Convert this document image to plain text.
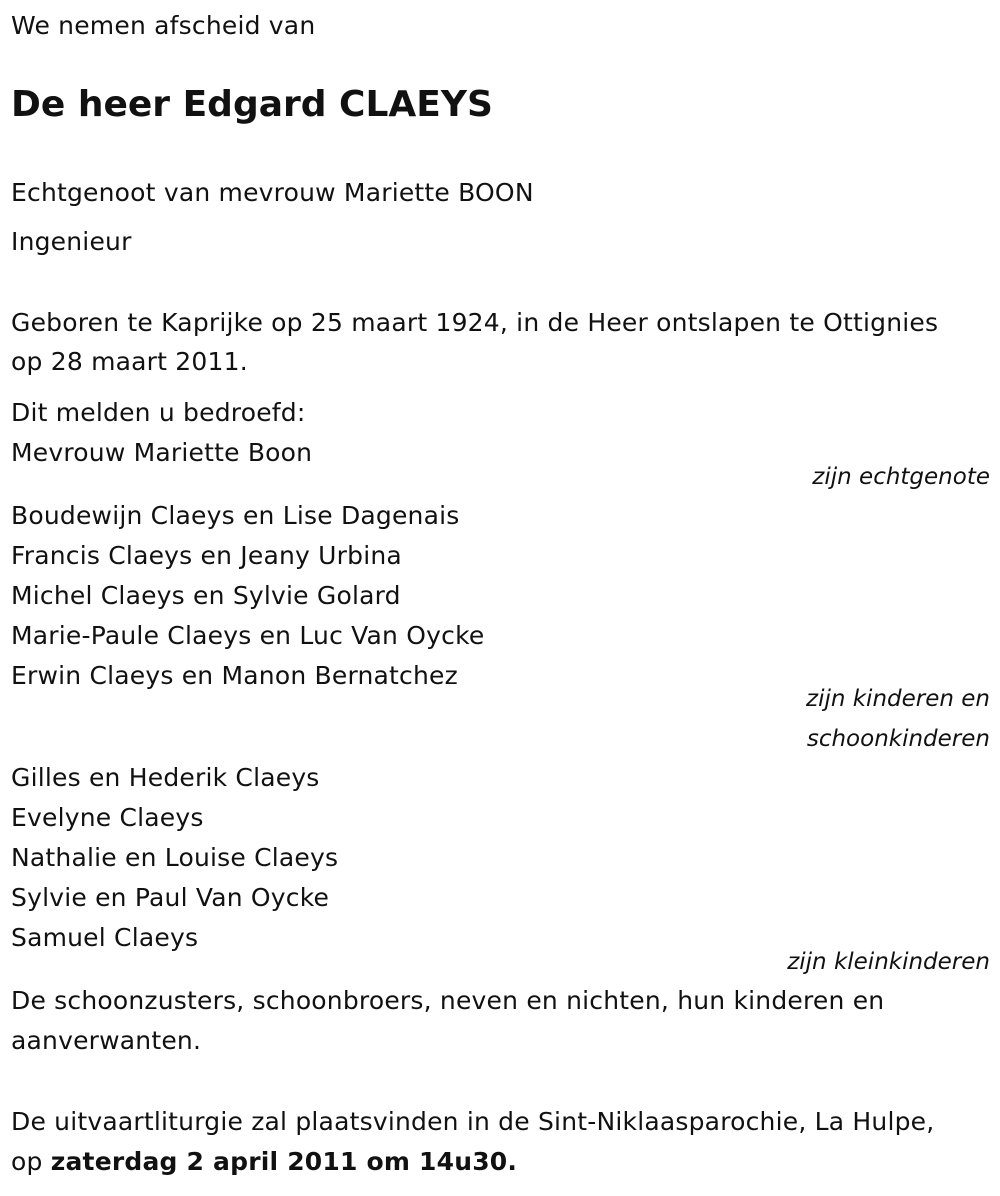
We nemen afscheid van
De heer Edgard CLAEYS
Echtgenoot van mevrouw Mariette BOON
Ingenieur
Geboren te Kaprijke op 25 maart 1924, in de Heer ontslapen te Ottignies
op 28 maart 2011.
Dit melden u bedroefd:
Mevrouw Mariette Boon
zijn echtgenote
Boudewijn Claeys en Lise Dagenais
Francis Claeys en Jeany Urbina
Michel Claeys en Sylvie Golard
Marie-Paule Claeys en Luc Van Oycke
Erwin Claeys en Manon Bernatchez
zijn kinderen en
schoonkinderen
Gilles en Hederik Claeys
Evelyne Claeys
Nathalie en Louise Claeys
Sylvie en Paul Van Oycke
Samuel Claeys
zijn kleinkinderen
De schoonzusters, schoonbroers, neven en nichten, hun kinderen en
aanverwanten.
De uitvaartliturgie zal plaatsvinden in de Sint-Niklaasparochie, La Hulpe,
op zaterdag 2 april 2011 om 14u30.
